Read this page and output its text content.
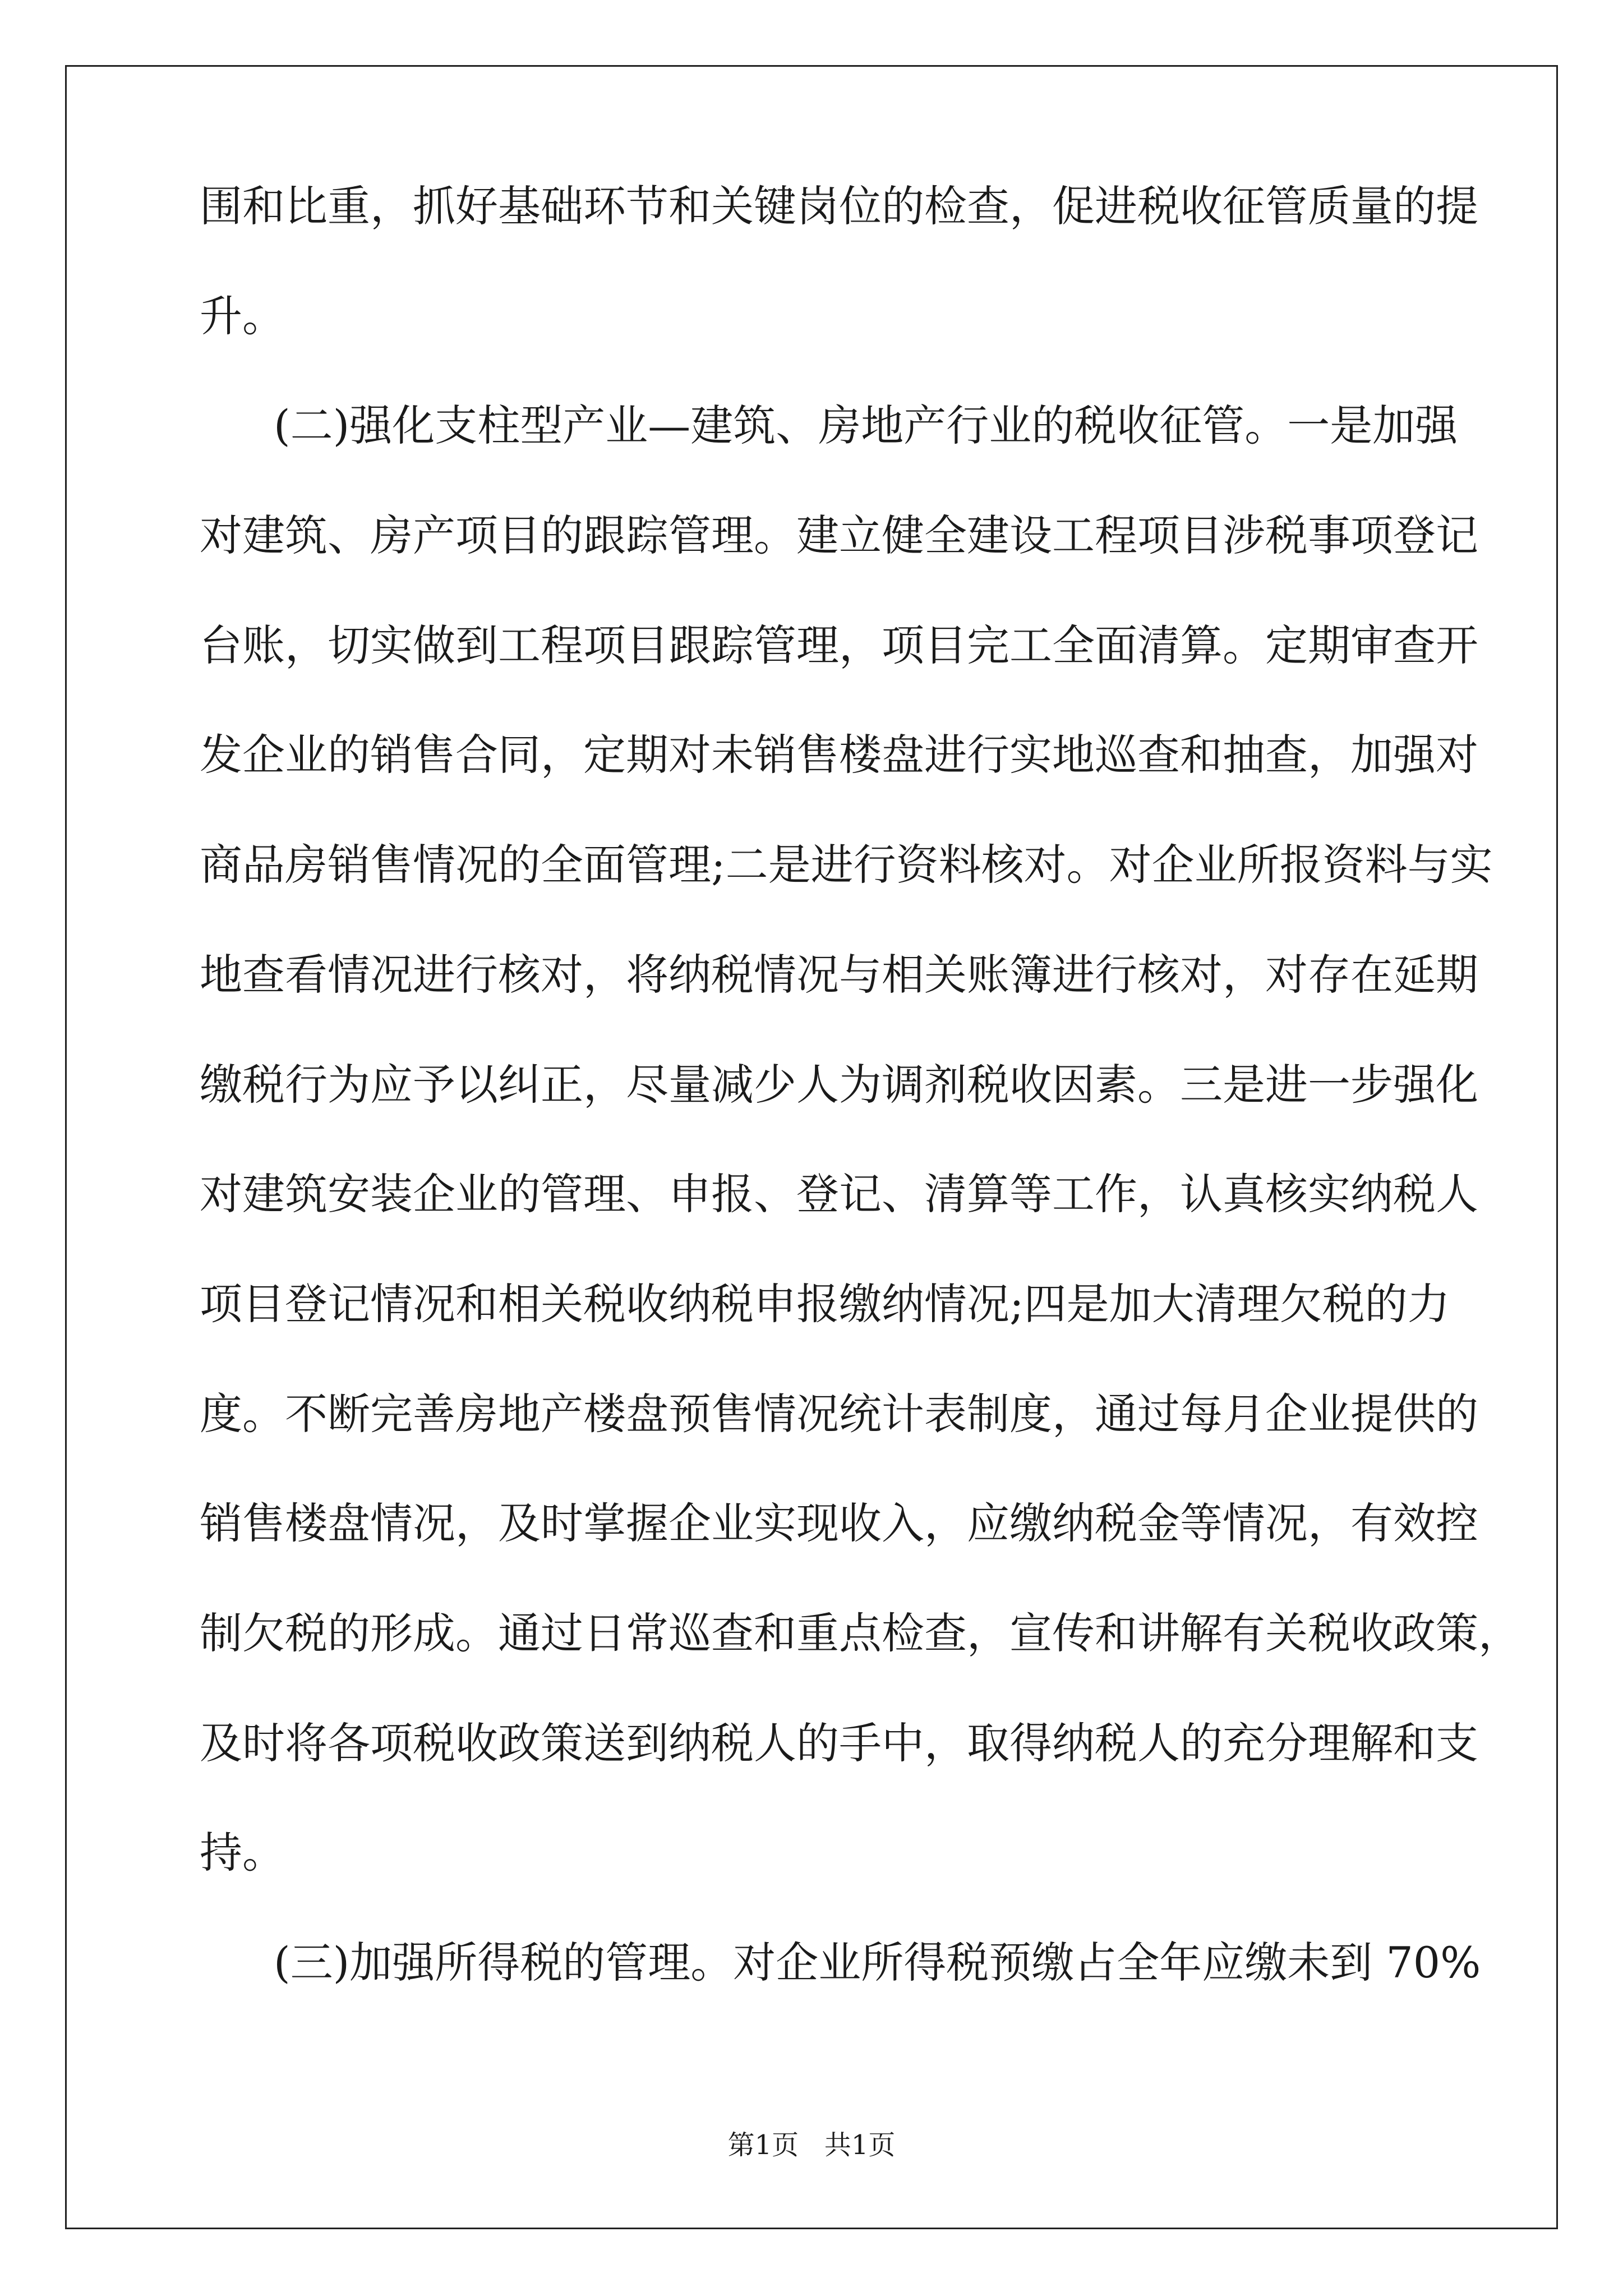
围和比重，抓好基础环节和关键岗位的检查，促进税收征管质量的提
升。
(二)强化支柱型产业—建筑、房地产行业的税收征管。一是加强
对建筑、房产项目的跟踪管理。建立健全建设工程项目涉税事项登记
台账，切实做到工程项目跟踪管理，项目完工全面清算。定期审查开
发企业的销售合同，定期对未销售楼盘进行实地巡查和抽查，加强对
商品房销售情况的全面管理;二是进行资料核对。对企业所报资料与实
地查看情况进行核对，将纳税情况与相关账簿进行核对，对存在延期
缴税行为应予以纠正，尽量减少人为调剂税收因素。三是进一步强化
对建筑安装企业的管理、申报、登记、清算等工作，认真核实纳税人
项目登记情况和相关税收纳税申报缴纳情况;四是加大清理欠税的力
度。不断完善房地产楼盘预售情况统计表制度，通过每月企业提供的
销售楼盘情况，及时掌握企业实现收入，应缴纳税金等情况，有效控
制欠税的形成。通过日常巡查和重点检查，宣传和讲解有关税收政策，
及时将各项税收政策送到纳税人的手中，取得纳税人的充分理解和支
持。
(三)加强所得税的管理。对企业所得税预缴占全年应缴未到 70%
第1页   共1页
